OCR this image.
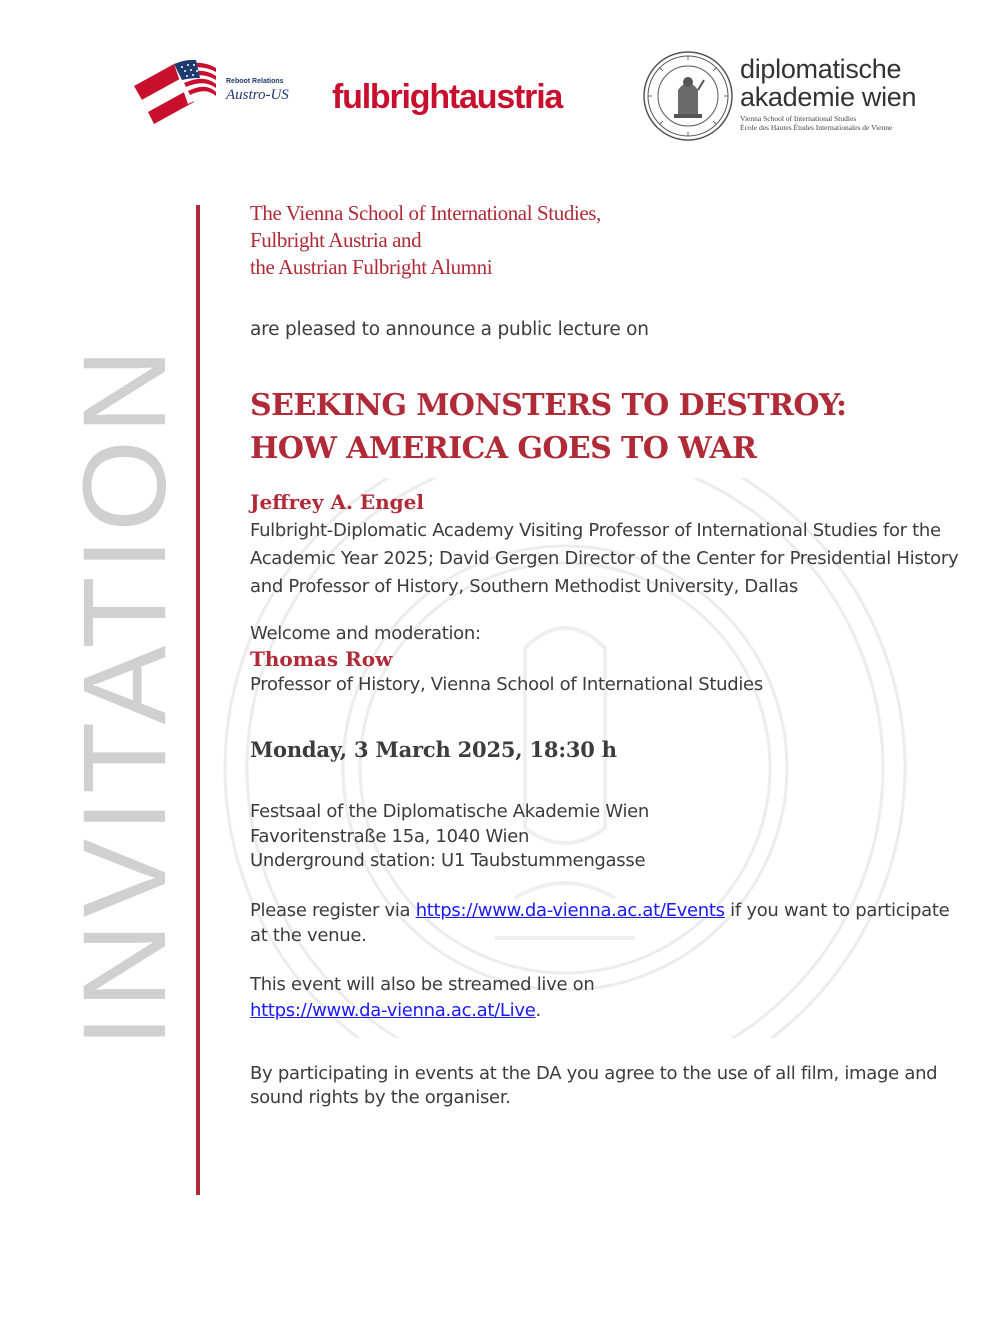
Reboot Relations
Austro-US fulbrightaustria
diplomatische
akademie wien
Vienna School of International Studies
École des Hautes Études Internationales de Vienne
INVITATION
The Vienna School of International Studies,
Fulbright Austria and
the Austrian Fulbright Alumni
are pleased to announce a public lecture on
SEEKING MONSTERS TO DESTROY:
HOW AMERICA GOES TO WAR
Jeffrey A. Engel
Fulbright-Diplomatic Academy Visiting Professor of International Studies for the Academic Year 2025; David Gergen Director of the Center for Presidential History and Professor of History, Southern Methodist University, Dallas
Welcome and moderation:
Thomas Row
Professor of History, Vienna School of International Studies
Monday, 3 March 2025, 18:30 h
Festsaal of the Diplomatische Akademie Wien
Favoritenstraße 15a, 1040 Wien
Underground station: U1 Taubstummengasse
Please register via https://www.da-vienna.ac.at/Events if you want to participate at the venue.
This event will also be streamed live on
https://www.da-vienna.ac.at/Live.
By participating in events at the DA you agree to the use of all film, image and sound rights by the organiser.
